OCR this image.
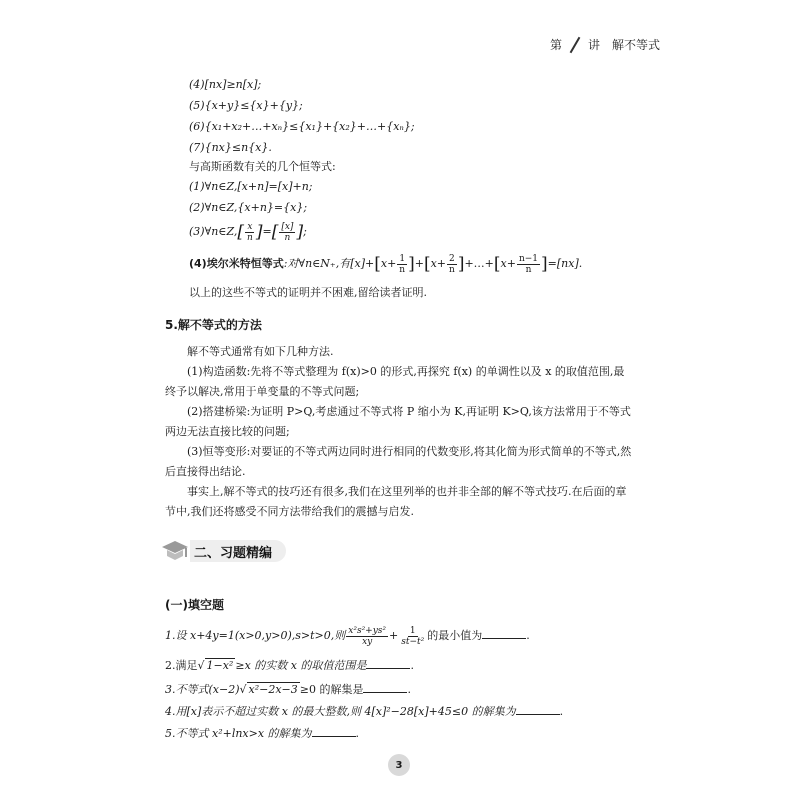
第 讲 解不等式
(4)[nx]≥n[x];
(5){x+y}≤{x}+{y};
(6){x₁+x₂+…+xₙ}≤{x₁}+{x₂}+…+{xₙ};
(7){nx}≤n{x}.
与高斯函数有关的几个恒等式:
(1)∀n∈Z,[x+n]=[x]+n;
(2)∀n∈Z,{x+n}={x};
(3)∀n∈Z,[ $\frac{x}{n}$ ]=[ $\frac{[x]}{n}$ ];
(4)埃尔米特恒等式:对∀n∈N₊,有$[x]+[x+ \frac{1}{n} ]+[x+ \frac{2}{n}$ ]+…+[x+ $\frac{n-1}{n} ]=[nx]$.
以上的这些不等式的证明并不困难,留给读者证明.
5.解不等式的方法
解不等式通常有如下几种方法.
(1)构造函数:先将不等式整理为 f(x)>0 的形式,再探究 f(x) 的单调性以及 x 的取值范围,最终予以解决,常用于单变量的不等式问题;
(2)搭建桥梁:为证明 P>Q,考虑通过不等式将 P 缩小为 K,再证明 K>Q,该方法常用于不等式两边无法直接比较的问题;
(3)恒等变形:对要证的不等式两边同时进行相同的代数变形,将其化简为形式简单的不等式,然后直接得出结论.
事实上,解不等式的技巧还有很多,我们在这里列举的也并非全部的解不等式技巧.在后面的章节中,我们还将感受不同方法带给我们的震撼与启发.
二、习题精编
(一)填空题
1.设 x+4y=1(x>0,y>0),s>t>0,则 $\frac{\text{x²s²+ys²}}{xy} + \frac{1}{\text{st−t²}}$ 的最小值为	.
2.满足√ 1−x² ≥x 的实数 x 的取值范围是	.
3.不等式(x−2)√ x²−2x−3 ≥0 的解集是	.
4.用[x]表示不超过实数 x 的最大整数,则 4[x]²−28[x]+45≤0 的解集为	.
5.不等式 x²+lnx>x 的解集为	.
3
